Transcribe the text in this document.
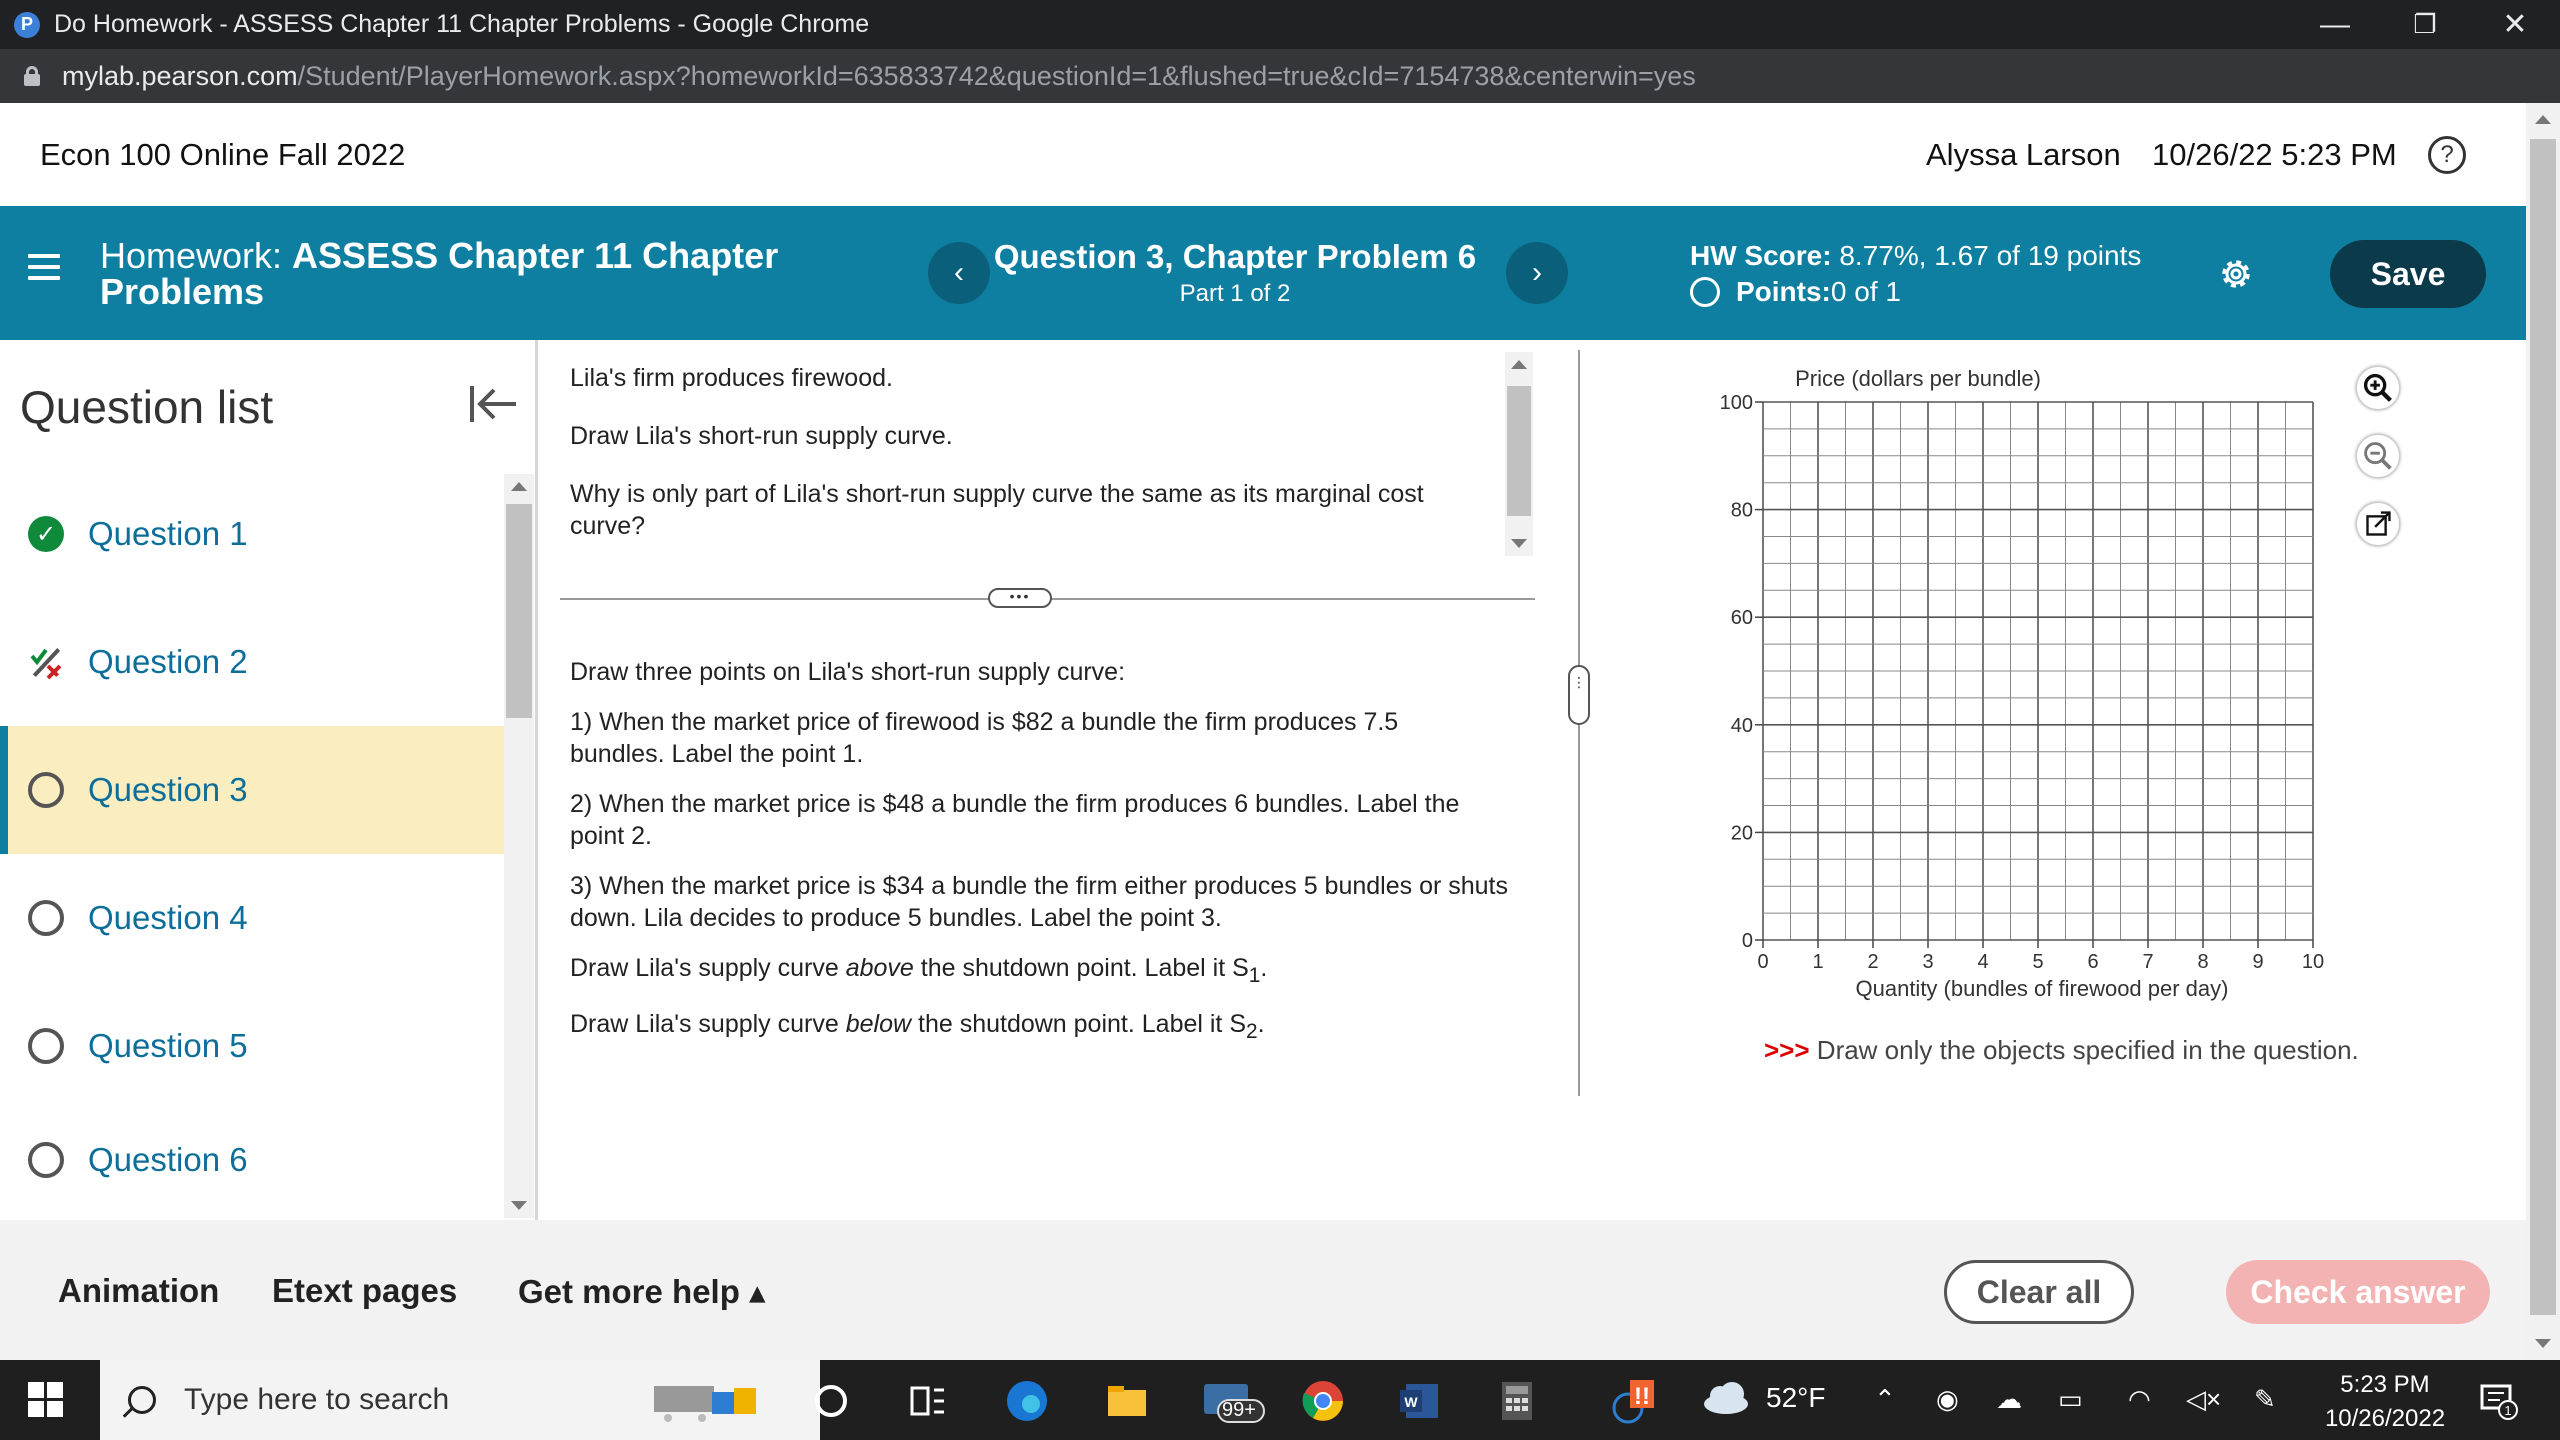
P Do Homework - ASSESS Chapter 11 Chapter Problems - Google Chrome	—	❐	✕
mylab.pearson.com/Student/PlayerHomework.aspx?homeworkId=635833742&questionId=1&flushed=true&cId=7154738&centerwin=yes
Econ 100 Online Fall 2022	Alyssa Larson 10/26/22 5:23 PM	?
Homework: ASSESS Chapter 11 Chapter Problems	‹ Question 3, Chapter Problem 6
Part 1 of 2
›
HW Score: 8.77%, 1.67 of 19 points
Points: 0 of 1	Save
Question list
✓ Question 1
Question 2
Question 3
Question 4
Question 5
Question 6

Lila's firm produces firewood.

Draw Lila's short-run supply curve.

Why is only part of Lila's short-run supply curve the same as its marginal cost curve?

Draw three points on Lila's short-run supply curve:

1) When the market price of firewood is $82 a bundle the firm produces 7.5 bundles. Label the point 1.

2) When the market price is $48 a bundle the firm produces 6 bundles. Label the point 2.

3) When the market price is $34 a bundle the firm either produces 5 bundles or shuts down. Lila decides to produce 5 bundles. Label the point 3.

Draw Lila's supply curve above the shutdown point. Label it $S_1$.

Draw Lila's supply curve below the shutdown point. Label it $S_2$.

•••
⋮
Price (dollars per bundle)
0 1 2 3 4 5 6 7 8 9 10
0
20
40
60
80
100
Quantity (bundles of firewood per day)
>>> Draw only the objects specified in the question.
Animation Etext pages Get more help ▴	Clear all	Check answer
Type here to search	99+	W	!!	52°F ⌃ ◉ ☁ ▭ ◠ ◁× ✎	5:23 PM
10/26/2022	1
